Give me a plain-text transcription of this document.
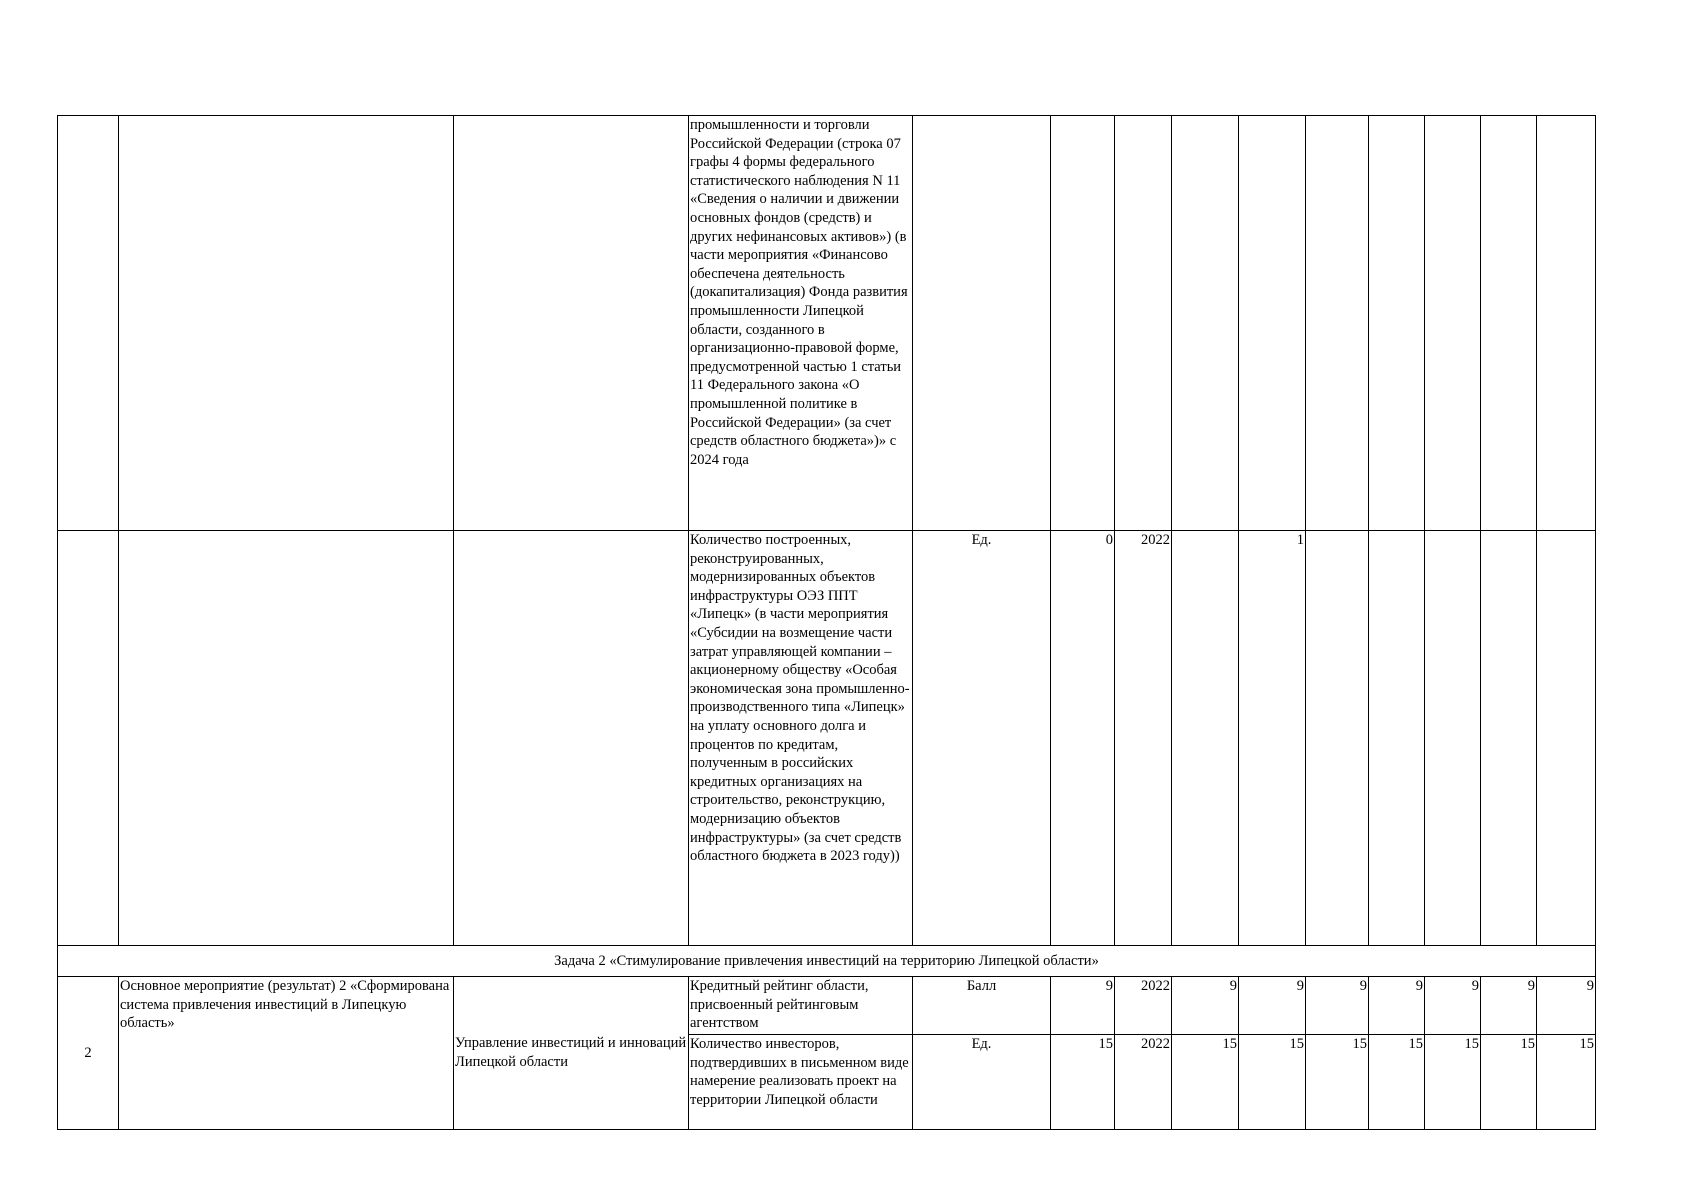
			промышленности и торговли Российской Федерации (строка 07 графы 4 формы федерального статистического наблюдения N 11 «Сведения о наличии и движении основных фондов (средств) и других нефинансовых активов») (в части мероприятия «Финансово обеспечена деятельность (докапитализация) Фонда развития промышленности Липецкой области, созданного в организационно-правовой форме, предусмотренной частью 1 статьи 11 Федерального закона «О промышленной политике в Российской Федерации» (за счет средств областного бюджета»)» с 2024 года										
			Количество построенных, реконструированных, модернизированных объектов инфраструктуры ОЭЗ ППТ «Липецк» (в части мероприятия «Субсидии на возмещение части затрат управляющей компании – акционерному обществу «Особая экономическая зона промышленно-производственного типа «Липецк» на уплату основного долга и процентов по кредитам, полученным в российских кредитных организациях на строительство, реконструкцию, модернизацию объектов инфраструктуры» (за счет средств областного бюджета в 2023 году))	Ед.	0	2022		1					
Задача 2 «Стимулирование привлечения инвестиций на территорию Липецкой области»													
2	Основное мероприятие (результат) 2 «Сформирована система привлечения инвестиций в Липецкую область»	Управление инвестиций и инноваций Липецкой области	Кредитный рейтинг области, присвоенный рейтинговым агентством	Балл	9	2022	9	9	9	9	9	9	9
			Количество инвесторов, подтвердивших в письменном виде намерение реализовать проект на территории Липецкой области	Ед.	15	2022	15	15	15	15	15	15	15
